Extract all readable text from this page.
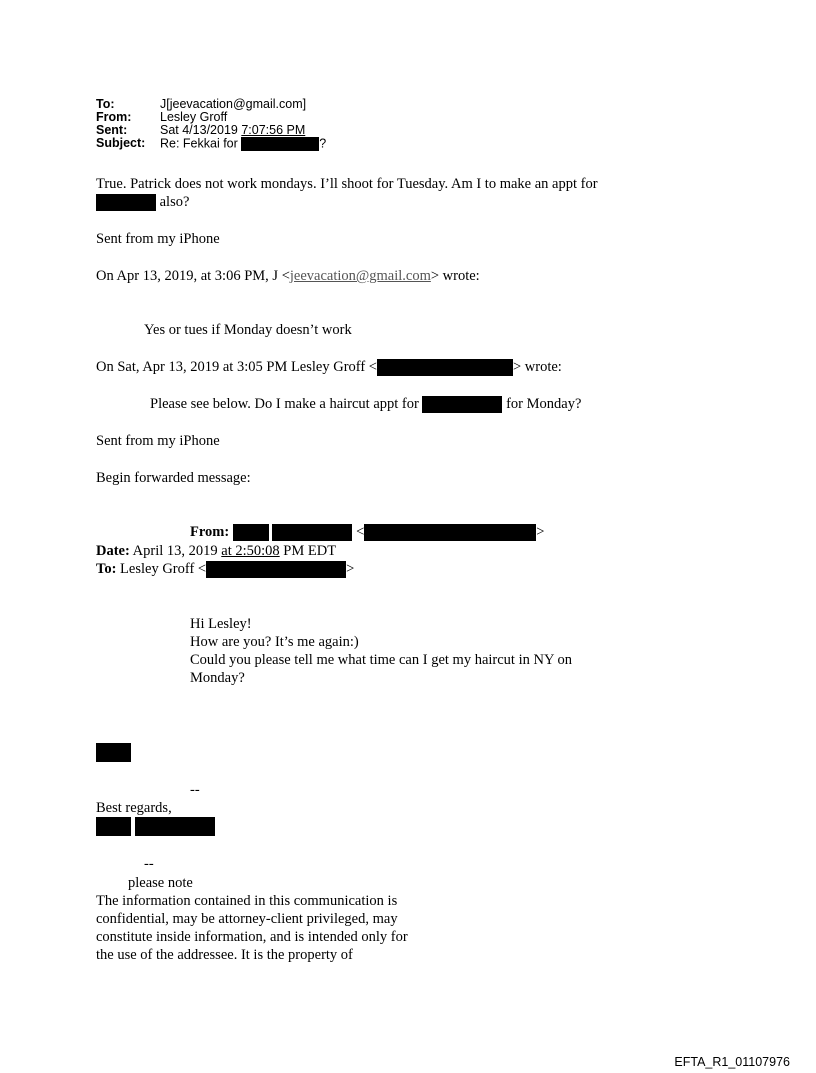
To:	J[jeevacation@gmail.com]
From: Lesley Groff
Sent:	Sat 4/13/2019 7:07:56 PM
Subject: Re: Fekkai for	?
True. Patrick does not work mondays. I’ll shoot for Tuesday. Am I to make an appt for
also?
Sent from my iPhone
On Apr 13, 2019, at 3:06 PM, J <jeevacation@gmail.com> wrote:
Yes or tues if Monday doesn’t work
On Sat, Apr 13, 2019 at 3:05 PM Lesley Groff <	> wrote:
Please see below. Do I make a haircut appt for	for Monday?
Sent from my iPhone
Begin forwarded message:
From:	<	>
Date: April 13, 2019 at 2:50:08 PM EDT
To: Lesley Groff <	>
Hi Lesley!
How are you? It’s me again:)
Could you please tell me what time can I get my haircut in NY on
Monday?
--
Best regards,
--
please note
The information contained in this communication is
confidential, may be attorney-client privileged, may
constitute inside information, and is intended only for
the use of the addressee. It is the property of
EFTA_R1_01107976
